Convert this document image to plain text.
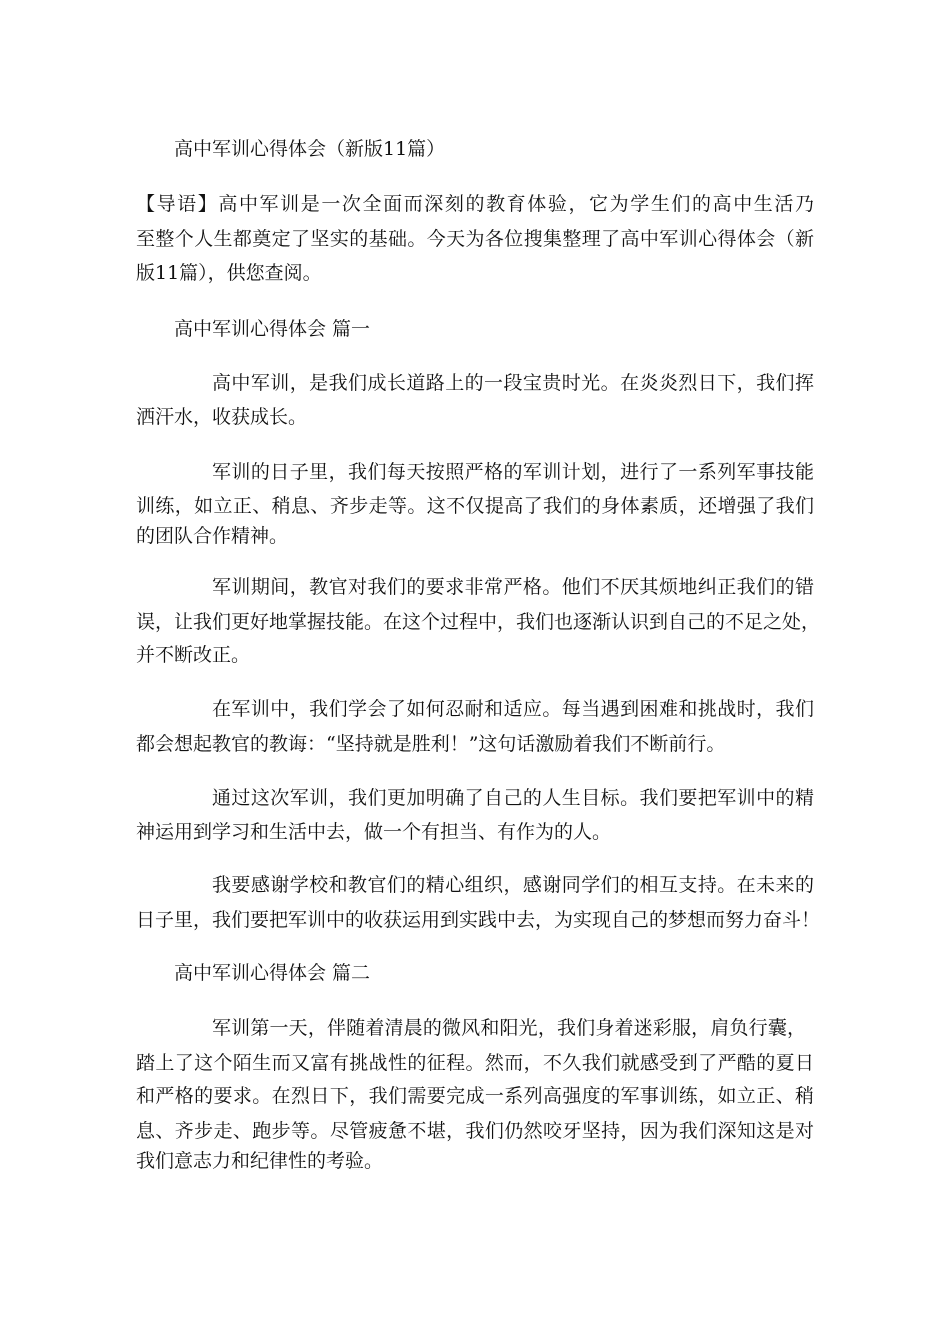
高中军训心得体会（新版11篇）
【导语】高中军训是一次全面而深刻的教育体验，它为学生们的高中生活乃
至整个人生都奠定了坚实的基础。今天为各位搜集整理了高中军训心得体会（新
版11篇），供您查阅。
高中军训心得体会 篇一
高中军训，是我们成长道路上的一段宝贵时光。在炎炎烈日下，我们挥
洒汗水，收获成长。
军训的日子里，我们每天按照严格的军训计划，进行了一系列军事技能
训练，如立正、稍息、齐步走等。这不仅提高了我们的身体素质，还增强了我们
的团队合作精神。
军训期间，教官对我们的要求非常严格。他们不厌其烦地纠正我们的错
误，让我们更好地掌握技能。在这个过程中，我们也逐渐认识到自己的不足之处，
并不断改正。
在军训中，我们学会了如何忍耐和适应。每当遇到困难和挑战时，我们
都会想起教官的教诲：“坚持就是胜利！”这句话激励着我们不断前行。
通过这次军训，我们更加明确了自己的人生目标。我们要把军训中的精
神运用到学习和生活中去，做一个有担当、有作为的人。
我要感谢学校和教官们的精心组织，感谢同学们的相互支持。在未来的
日子里，我们要把军训中的收获运用到实践中去，为实现自己的梦想而努力奋斗！
高中军训心得体会 篇二
军训第一天，伴随着清晨的微风和阳光，我们身着迷彩服，肩负行囊，
踏上了这个陌生而又富有挑战性的征程。然而，不久我们就感受到了严酷的夏日
和严格的要求。在烈日下，我们需要完成一系列高强度的军事训练，如立正、稍
息、齐步走、跑步等。尽管疲惫不堪，我们仍然咬牙坚持，因为我们深知这是对
我们意志力和纪律性的考验。
